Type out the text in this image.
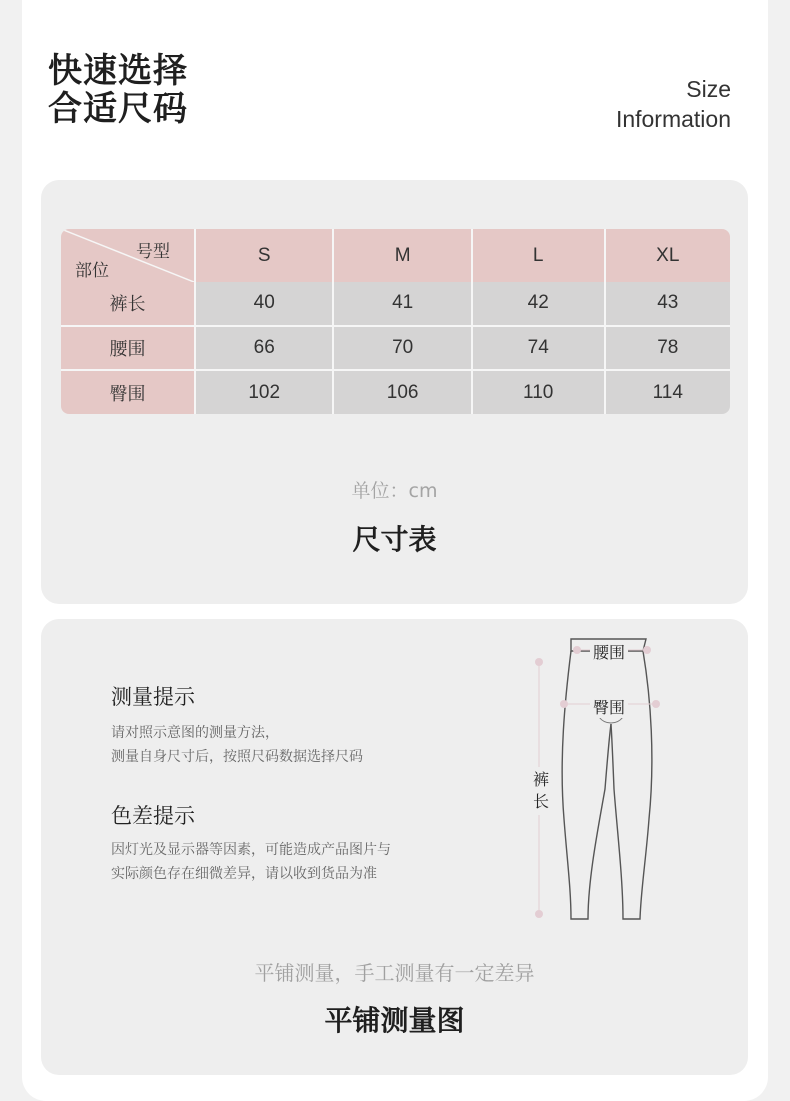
快速选择
合适尺码	Size
Information
号型
部位	S	M	L	XL
裤长	40	41	42	43
腰围	66	70	74	78
臀围	102	106	110	114
单位：cm
尺寸表
测量提示
请对照示意图的测量方法，
测量自身尺寸后，按照尺码数据选择尺码
色差提示
因灯光及显示器等因素，可能造成产品图片与
实际颜色存在细微差异，请以收到货品为准
腰围
臀围
裤
长
平铺测量，手工测量有一定差异
平铺测量图
